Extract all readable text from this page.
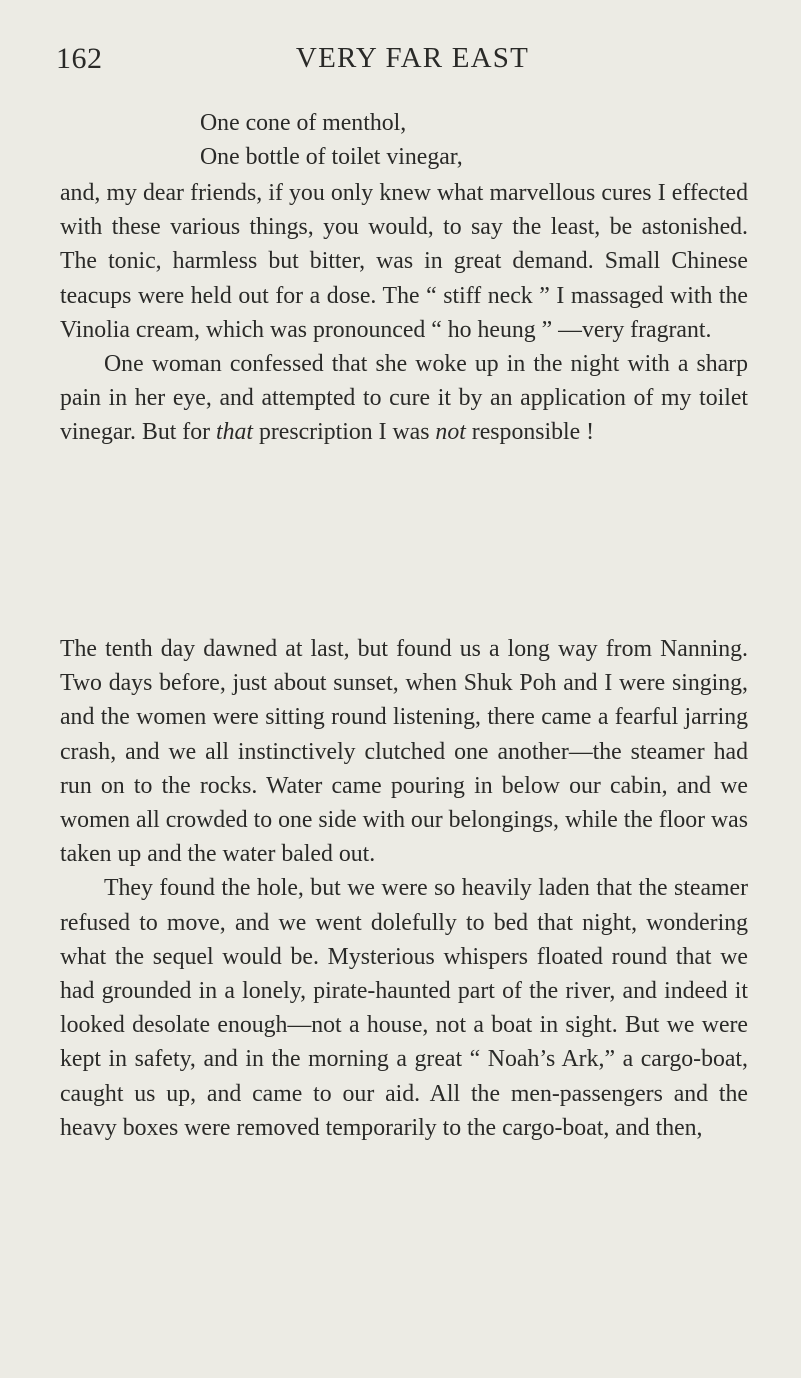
162	VERY FAR EAST
One cone of menthol,
One bottle of toilet vinegar,

and, my dear friends, if you only knew what marvellous cures I effected with these various things, you would, to say the least, be astonished. The tonic, harmless but bitter, was in great demand. Small Chinese teacups were held out for a dose. The “ stiff neck ” I massaged with the Vinolia cream, which was pronounced “ ho heung ” —very fragrant.

One woman confessed that she woke up in the night with a sharp pain in her eye, and attempted to cure it by an application of my toilet vinegar. But for that prescription I was not responsible !

The tenth day dawned at last, but found us a long way from Nanning. Two days before, just about sunset, when Shuk Poh and I were singing, and the women were sitting round listening, there came a fearful jarring crash, and we all instinctively clutched one another—the steamer had run on to the rocks. Water came pouring in below our cabin, and we women all crowded to one side with our belongings, while the floor was taken up and the water baled out.

They found the hole, but we were so heavily laden that the steamer refused to move, and we went dolefully to bed that night, wondering what the sequel would be. Mysterious whispers floated round that we had grounded in a lonely, pirate-haunted part of the river, and indeed it looked desolate enough—not a house, not a boat in sight. But we were kept in safety, and in the morning a great “ Noah’s Ark,” a cargo-boat, caught us up, and came to our aid. All the men-passengers and the heavy boxes were removed temporarily to the cargo-boat, and then,
